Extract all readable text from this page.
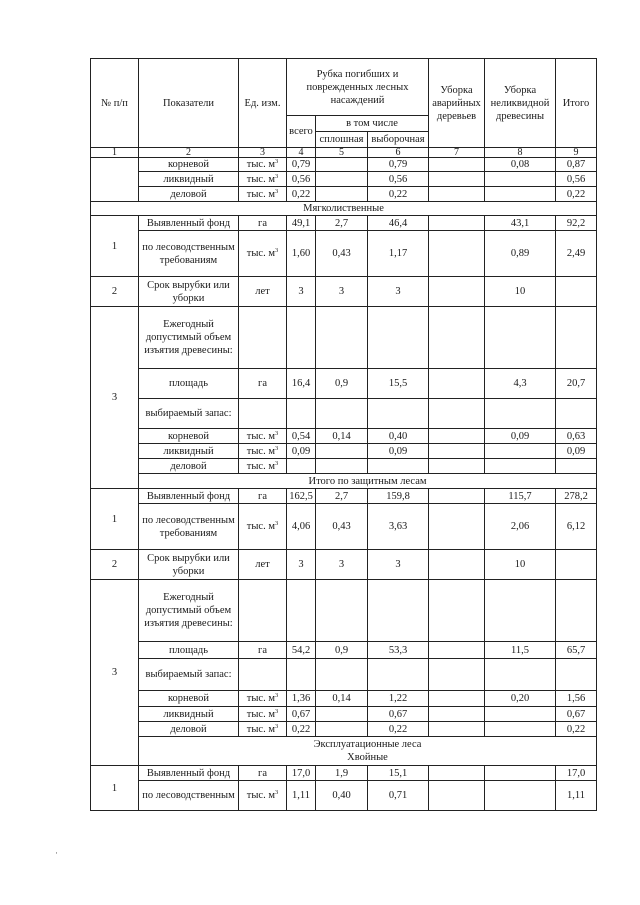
№ п/п	Показатели	Ед. изм.	Рубка погибших и поврежденных лесных насаждений			Уборка аварийных деревьев	Уборка неликвидной древесины	Итого
			всего	в том числе				
				сплошная	выборочная			
1	2	3	4	5	6	7	8	9
	корневой	тыс. $м^3$	0,79		0,79		0,08	0,87
	ликвидный	тыс. $м^3$	0,56		0,56			0,56
	деловой	тыс. $м^3$	0,22		0,22			0,22
Мягколиственные								
1	Выявленный фонд	га	49,1	2,7	46,4		43,1	92,2
	по лесоводственным требованиям	тыс. $м^3$	1,60	0,43	1,17		0,89	2,49
2	Срок вырубки или уборки	лет	3	3	3		10	
3	Ежегодный допустимый объем изъятия древесины:							
	площадь	га	16,4	0,9	15,5		4,3	20,7
	выбираемый запас:							
	корневой	тыс. $м^3$	0,54	0,14	0,40		0,09	0,63
	ликвидный	тыс. $м^3$	0,09		0,09			0,09
	деловой	тыс. $м^3$						
	Итого по защитным лесам							
1	Выявленный фонд	га	162,5	2,7	159,8		115,7	278,2
	по лесоводственным требованиям	тыс. $м^3$	4,06	0,43	3,63		2,06	6,12
2	Срок вырубки или уборки	лет	3	3	3		10	
3	Ежегодный допустимый объем изъятия древесины:							
	площадь	га	54,2	0,9	53,3		11,5	65,7
	выбираемый запас:							
	корневой	тыс. $м^3$	1,36	0,14	1,22		0,20	1,56
	ликвидный	тыс. $м^3$	0,67		0,67			0,67
	деловой	тыс. $м^3$	0,22		0,22			0,22
	Эксплуатационные леса
Хвойные							
1	Выявленный фонд	га	17,0	1,9	15,1			17,0
	по лесоводственным	тыс. $м^3$	1,11	0,40	0,71			1,11
·
